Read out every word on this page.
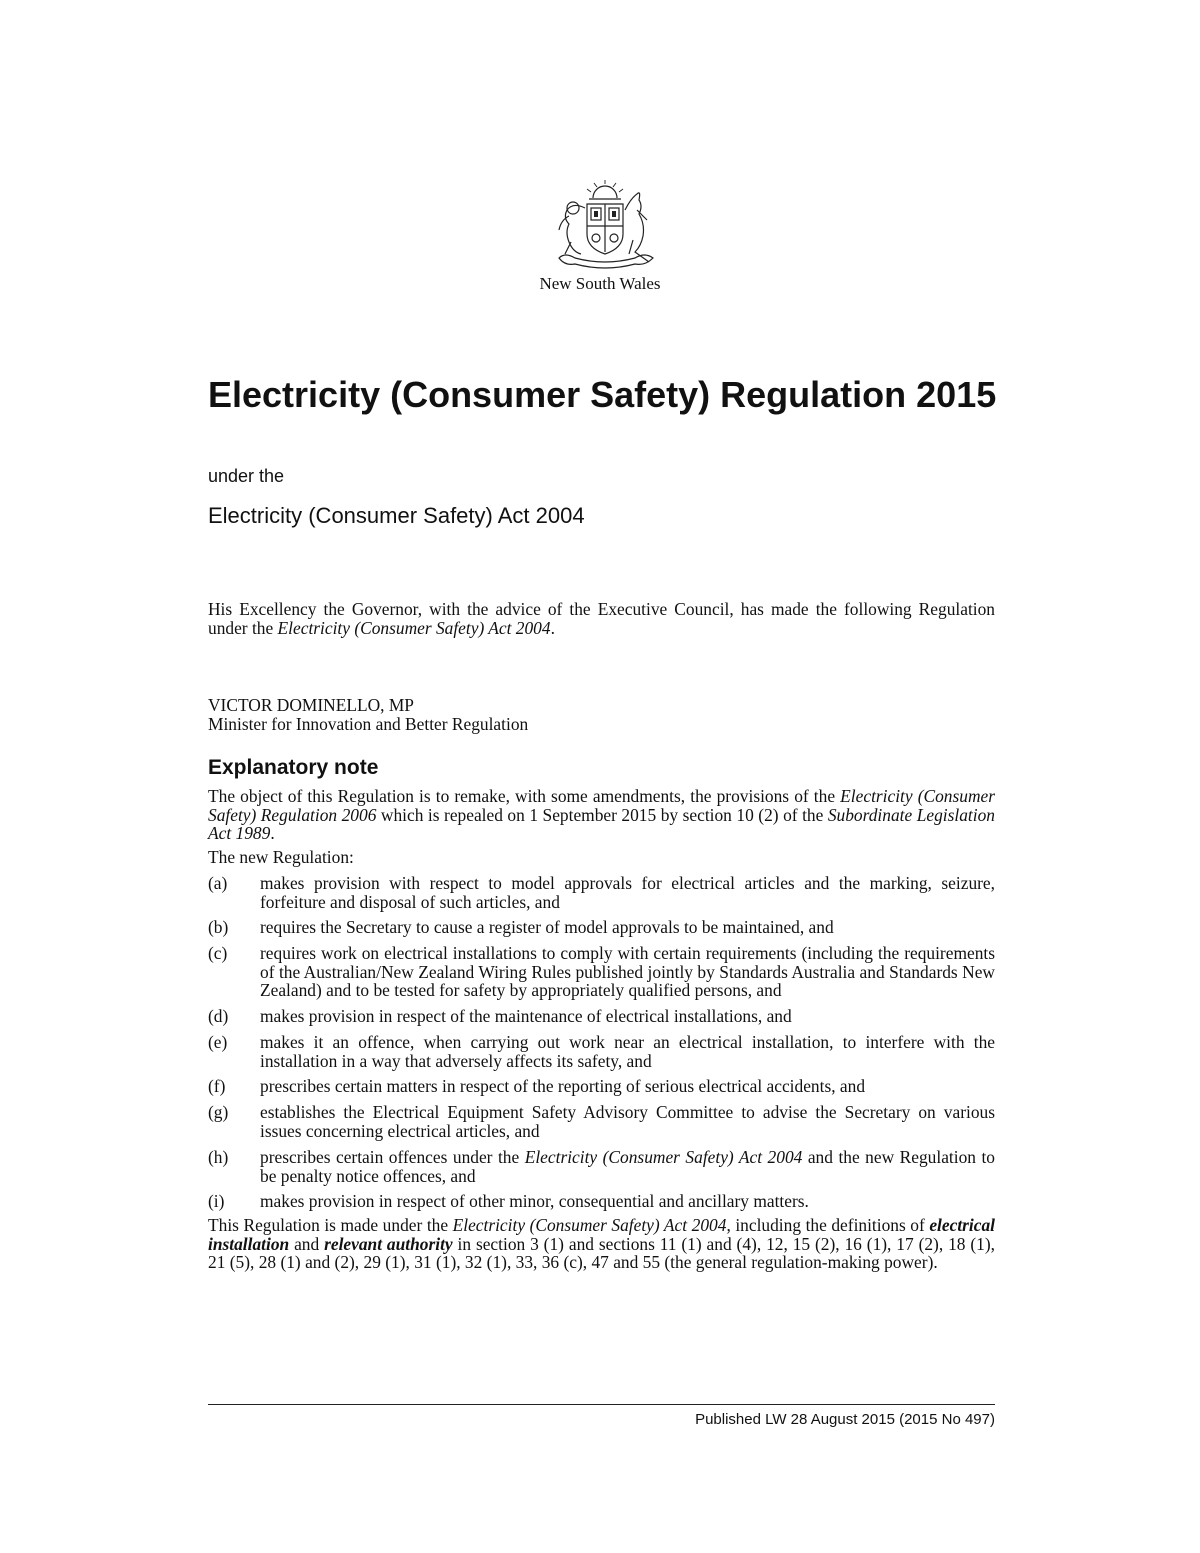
New South Wales
Electricity (Consumer Safety) Regulation 2015
under the
Electricity (Consumer Safety) Act 2004
His Excellency the Governor, with the advice of the Executive Council, has made the following Regulation under the Electricity (Consumer Safety) Act 2004.
VICTOR DOMINELLO, MP
Minister for Innovation and Better Regulation
Explanatory note

The object of this Regulation is to remake, with some amendments, the provisions of the Electricity (Consumer Safety) Regulation 2006 which is repealed on 1 September 2015 by section 10 (2) of the Subordinate Legislation Act 1989.

The new Regulation:

(a) makes provision with respect to model approvals for electrical articles and the marking, seizure, forfeiture and disposal of such articles, and
(b) requires the Secretary to cause a register of model approvals to be maintained, and
(c) requires work on electrical installations to comply with certain requirements (including the requirements of the Australian/New Zealand Wiring Rules published jointly by Standards Australia and Standards New Zealand) and to be tested for safety by appropriately qualified persons, and
(d) makes provision in respect of the maintenance of electrical installations, and
(e) makes it an offence, when carrying out work near an electrical installation, to interfere with the installation in a way that adversely affects its safety, and
(f) prescribes certain matters in respect of the reporting of serious electrical accidents, and
(g) establishes the Electrical Equipment Safety Advisory Committee to advise the Secretary on various issues concerning electrical articles, and
(h) prescribes certain offences under the Electricity (Consumer Safety) Act 2004 and the new Regulation to be penalty notice offences, and
(i) makes provision in respect of other minor, consequential and ancillary matters.

This Regulation is made under the Electricity (Consumer Safety) Act 2004, including the definitions of electrical installation and relevant authority in section 3 (1) and sections 11 (1) and (4), 12, 15 (2), 16 (1), 17 (2), 18 (1), 21 (5), 28 (1) and (2), 29 (1), 31 (1), 32 (1), 33, 36 (c), 47 and 55 (the general regulation-making power).

Published LW 28 August 2015 (2015 No 497)
